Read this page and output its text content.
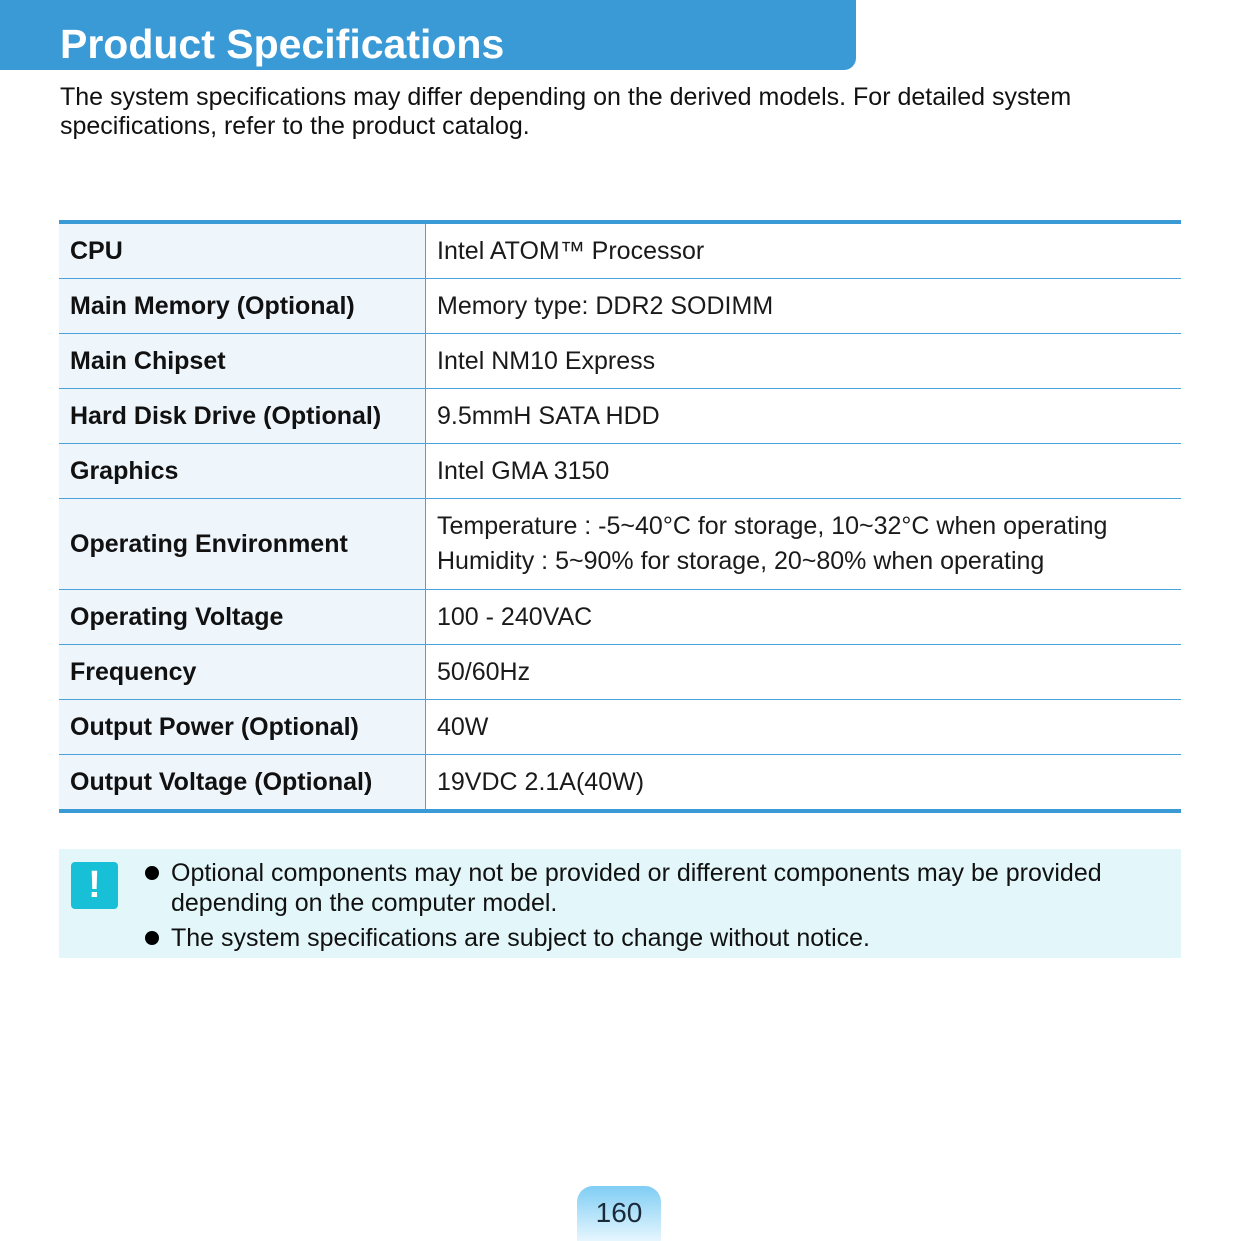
Product Specifications

The system specifications may differ depending on the derived models. For detailed system specifications, refer to the product catalog.

CPU	Intel ATOM™ Processor

Main Memory (Optional)	Memory type: DDR2 SODIMM

Main Chipset	Intel NM10 Express

Hard Disk Drive (Optional)	9.5mmH SATA HDD

Graphics	Intel GMA 3150

Operating Environment	Temperature : -5~40°C for storage, 10~32°C when operating
Humidity : 5~90% for storage, 20~80% when operating

Operating Voltage	100 - 240VAC

Frequency	50/60Hz

Output Power (Optional)	40W

Output Voltage (Optional)	19VDC 2.1A(40W)
!	Optional components may not be provided or different components may be provided depending on the computer model.
The system specifications are subject to change without notice.
160
